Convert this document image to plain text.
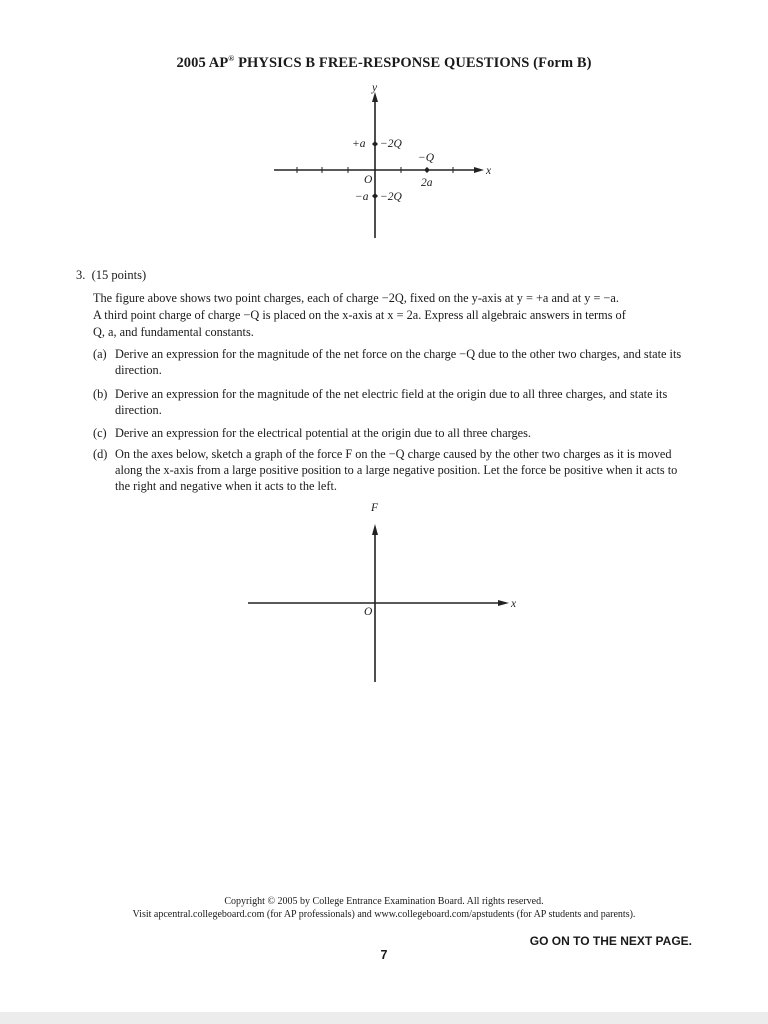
2005 AP® PHYSICS B FREE-RESPONSE QUESTIONS (Form B)
y
x
+a −2Q
−Q
O	2a
−a −2Q
3. (15 points)
The figure above shows two point charges, each of charge −2Q, fixed on the y-axis at y = +a and at y = −a.
A third point charge of charge −Q is placed on the x-axis at x = 2a. Express all algebraic answers in terms of
Q, a, and fundamental constants.
(a) Derive an expression for the magnitude of the net force on the charge −Q due to the other two charges, and state its direction.
(b) Derive an expression for the magnitude of the net electric field at the origin due to all three charges, and state its direction.
(c) Derive an expression for the electrical potential at the origin due to all three charges.
(d) On the axes below, sketch a graph of the force F on the −Q charge caused by the other two charges as it is moved along the x-axis from a large positive position to a large negative position. Let the force be positive when it acts to the right and negative when it acts to the left.
F
x
O
Copyright © 2005 by College Entrance Examination Board. All rights reserved.
Visit apcentral.collegeboard.com (for AP professionals) and www.collegeboard.com/apstudents (for AP students and parents).
GO ON TO THE NEXT PAGE.
7
